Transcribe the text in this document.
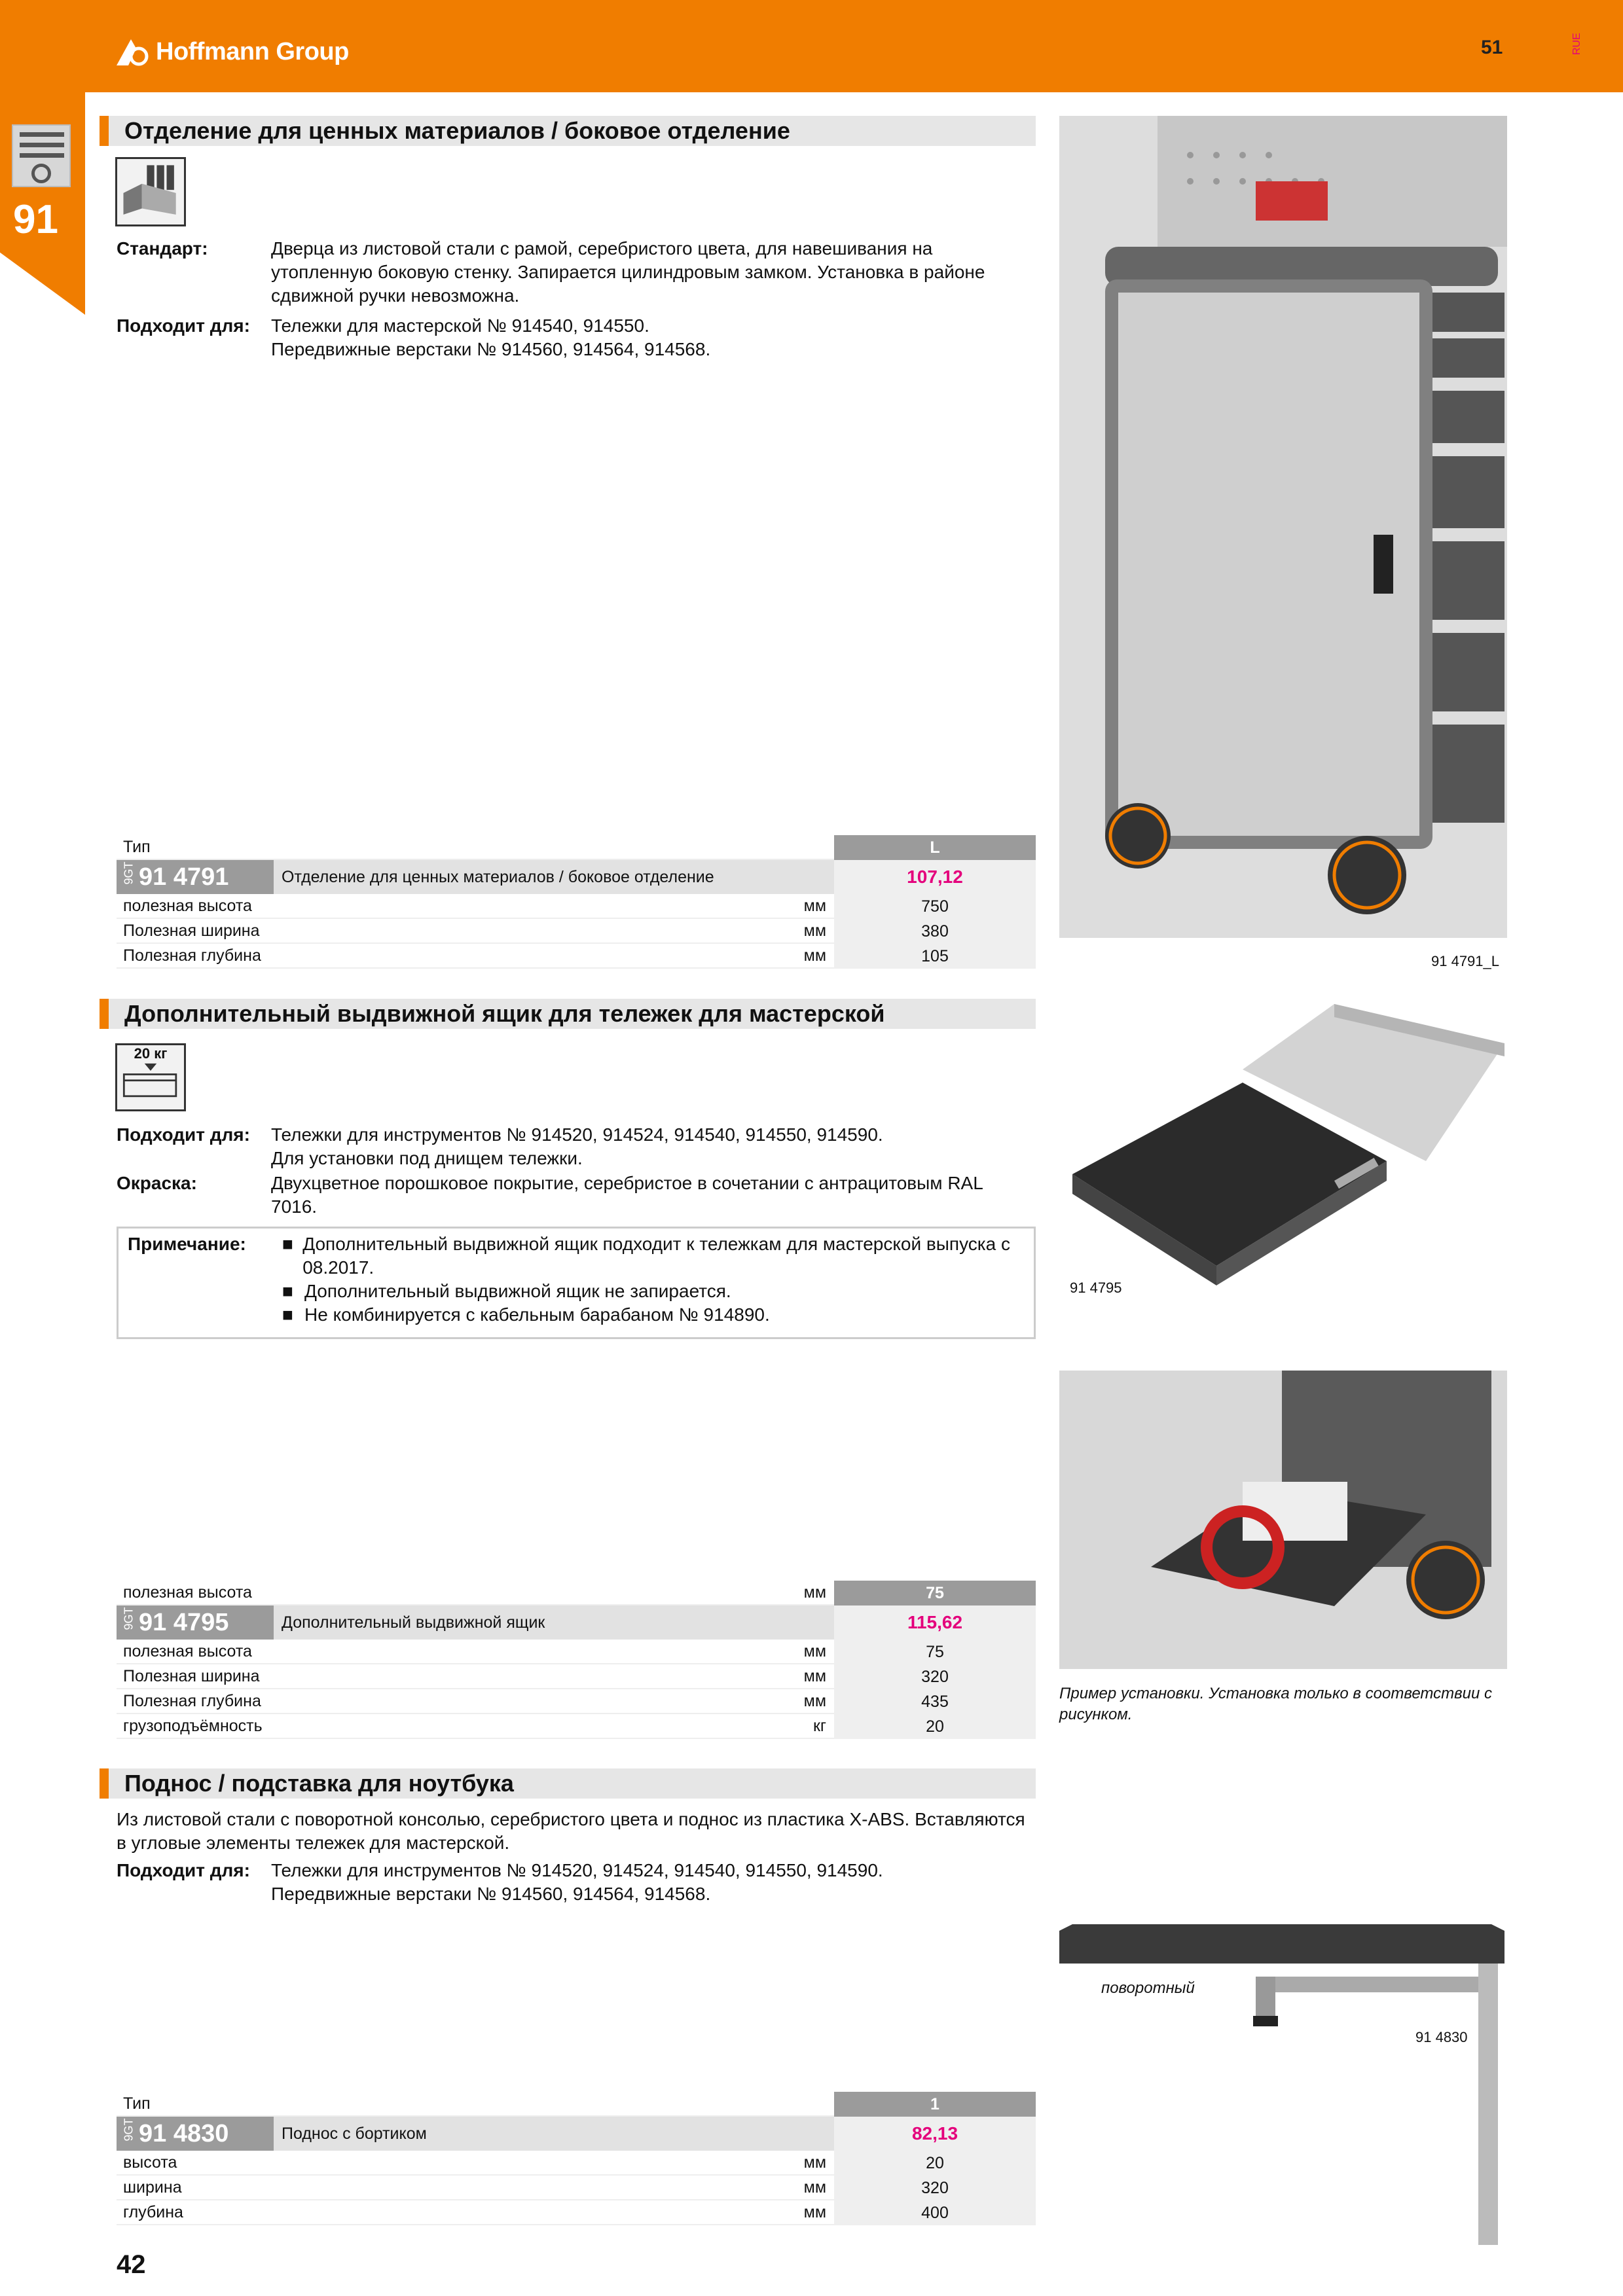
Hoffmann Group	51	RUE
91
Отделение для ценных материалов / боковое отделение
Стандарт:	Дверца из листовой стали с рамой, серебристого цвета, для навешивания на утопленную боковую стенку. Запирается цилиндровым замком. Установка в районе сдвижной ручки невозможна.
Подходит для:	Тележки для мастерской № 914540, 914550.
Передвижные верстаки № 914560, 914564, 914568.
Тип	L
9GT 91 4791	Отделение для ценных материалов / боковое отделение	107,12
полезная высота	мм	750
Полезная ширина	мм	380
Полезная глубина	мм	105	91 4791_L
Дополнительный выдвижной ящик для тележек для мастерской
20 кг
Подходит для:	Тележки для инструментов № 914520, 914524, 914540, 914550, 914590.
Для установки под днищем тележки.
Окраска:	Двухцветное порошковое покрытие, серебристое в сочетании с антрацитовым RAL 7016.
Примечание:	■ Дополнительный выдвижной ящик подходит к тележкам для мастерской выпуска с 08.2017.
■ Дополнительный выдвижной ящик не запирается.
■ Не комбинируется с кабельным барабаном № 914890.
полезная высота	мм	75
9GT 91 4795	Дополнительный выдвижной ящик	115,62
полезная высота	мм	75
Полезная ширина	мм	320
Полезная глубина	мм	435
грузоподъёмность	кг	20
91 4795
Пример установки. Установка только в соответствии с рисунком.
Поднос / подставка для ноутбука
Из листовой стали с поворотной консолью, серебристого цвета и поднос из пластика X-ABS. Вставляются в угловые элементы тележек для мастерской.
Подходит для:	Тележки для инструментов № 914520, 914524, 914540, 914550, 914590.
Передвижные верстаки № 914560, 914564, 914568.
Тип	1
9GT 91 4830	Поднос с бортиком	82,13
высота	мм	20
ширина	мм	320
глубина	мм	400
поворотный
91 4830
42
